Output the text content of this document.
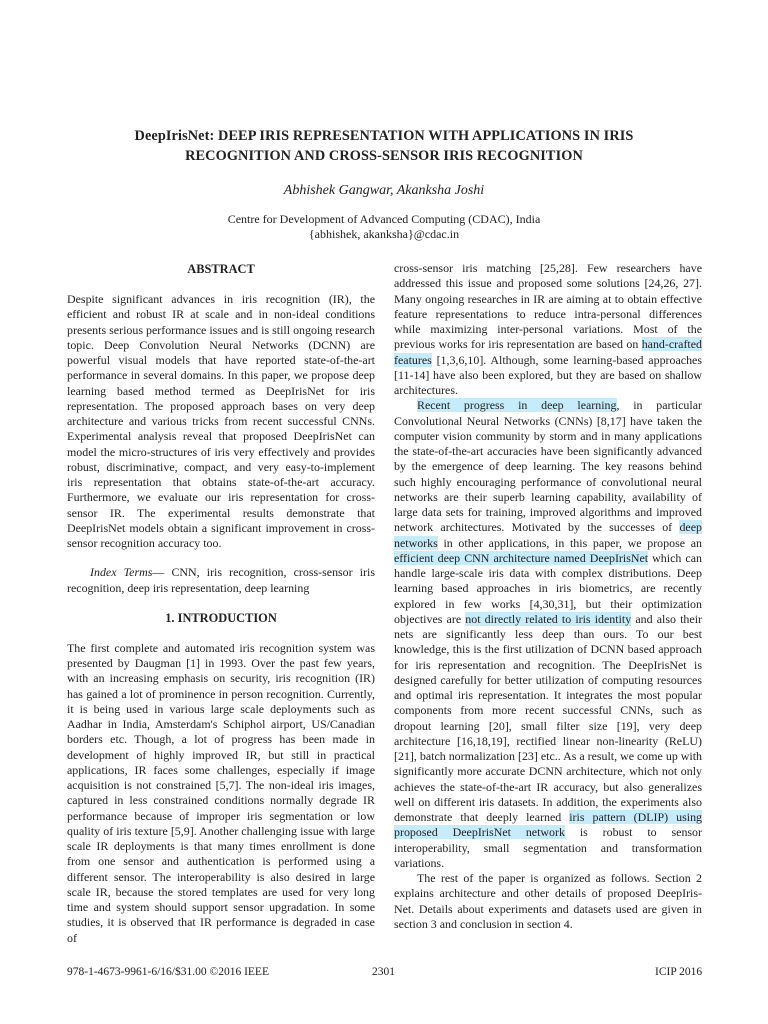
DeepIrisNet: DEEP IRIS REPRESENTATION WITH APPLICATIONS IN IRIS
RECOGNITION AND CROSS-SENSOR IRIS RECOGNITION
Abhishek Gangwar, Akanksha Joshi
Centre for Development of Advanced Computing (CDAC), India
{abhishek, akanksha}@cdac.in
ABSTRACT

Despite significant advances in iris recognition (IR), the efficient and robust IR at scale and in non-ideal conditions presents serious performance issues and is still ongoing research topic. Deep Convolution Neural Networks (DCNN) are powerful visual models that have reported state-of-the-art performance in several domains. In this paper, we propose deep learning based method termed as DeepIrisNet for iris representation. The proposed approach bases on very deep architecture and various tricks from recent successful CNNs. Experimental analysis reveal that proposed DeepIrisNet can model the micro-structures of iris very effectively and provides robust, discriminative, compact, and very easy-to-implement iris representation that obtains state-of-the-art accuracy. Furthermore, we evaluate our iris representation for cross-sensor IR. The experimental results demonstrate that DeepIrisNet models obtain a significant improvement in cross-sensor recognition accuracy too.

Index Terms— CNN, iris recognition, cross-sensor iris recognition, deep iris representation, deep learning

1. INTRODUCTION

The first complete and automated iris recognition system was presented by Daugman [1] in 1993. Over the past few years, with an increasing emphasis on security, iris recognition (IR) has gained a lot of prominence in person recognition. Currently, it is being used in various large scale deployments such as Aadhar in India, Amsterdam's Schiphol airport, US/Canadian borders etc. Though, a lot of progress has been made in development of highly improved IR, but still in practical applications, IR faces some challenges, especially if image acquisition is not constrained [5,7]. The non-ideal iris images, captured in less constrained conditions normally degrade IR performance because of improper iris segmentation or low quality of iris texture [5,9]. Another challenging issue with large scale IR deployments is that many times enrollment is done from one sensor and authentication is performed using a different sensor. The interoperability is also desired in large scale IR, because the stored templates are used for very long time and system should support sensor upgradation. In some studies, it is observed that IR performance is degraded in case of

cross-sensor iris matching [25,28]. Few researchers have addressed this issue and proposed some solutions [24,26, 27]. Many ongoing researches in IR are aiming at to obtain effective feature representations to reduce intra-personal differences while maximizing inter-personal variations. Most of the previous works for iris representation are based on hand-crafted features [1,3,6,10]. Although, some learning-based approaches [11-14] have also been explored, but they are based on shallow architectures.

Recent progress in deep learning, in particular Convolutional Neural Networks (CNNs) [8,17] have taken the computer vision community by storm and in many applications the state-of-the-art accuracies have been significantly advanced by the emergence of deep learning. The key reasons behind such highly encouraging performance of convolutional neural networks are their superb learning capability, availability of large data sets for training, improved algorithms and improved network architectures. Motivated by the successes of deep networks in other applications, in this paper, we propose an efficient deep CNN architecture named DeepIrisNet which can handle large-scale iris data with complex distributions. Deep learning based approaches in iris biometrics, are recently explored in few works [4,30,31], but their optimization objectives are not directly related to iris identity and also their nets are significantly less deep than ours. To our best knowledge, this is the first utilization of DCNN based approach for iris representation and recognition. The DeepIrisNet is designed carefully for better utilization of computing resources and optimal iris representation. It integrates the most popular components from more recent successful CNNs, such as dropout learning [20], small filter size [19], very deep architecture [16,18,19], rectified linear non-linearity (ReLU) [21], batch normalization [23] etc.. As a result, we come up with significantly more accurate DCNN architecture, which not only achieves the state-of-the-art IR accuracy, but also generalizes well on different iris datasets. In addition, the experiments also demonstrate that deeply learned iris pattern (DLIP) using proposed DeepIrisNet network is robust to sensor interoperability, small segmentation and transformation variations.

The rest of the paper is organized as follows. Section 2 explains architecture and other details of proposed DeepIris-Net. Details about experiments and datasets used are given in section 3 and conclusion in section 4.

978-1-4673-9961-6/16/$31.00 ©2016 IEEE	2301	ICIP 2016
